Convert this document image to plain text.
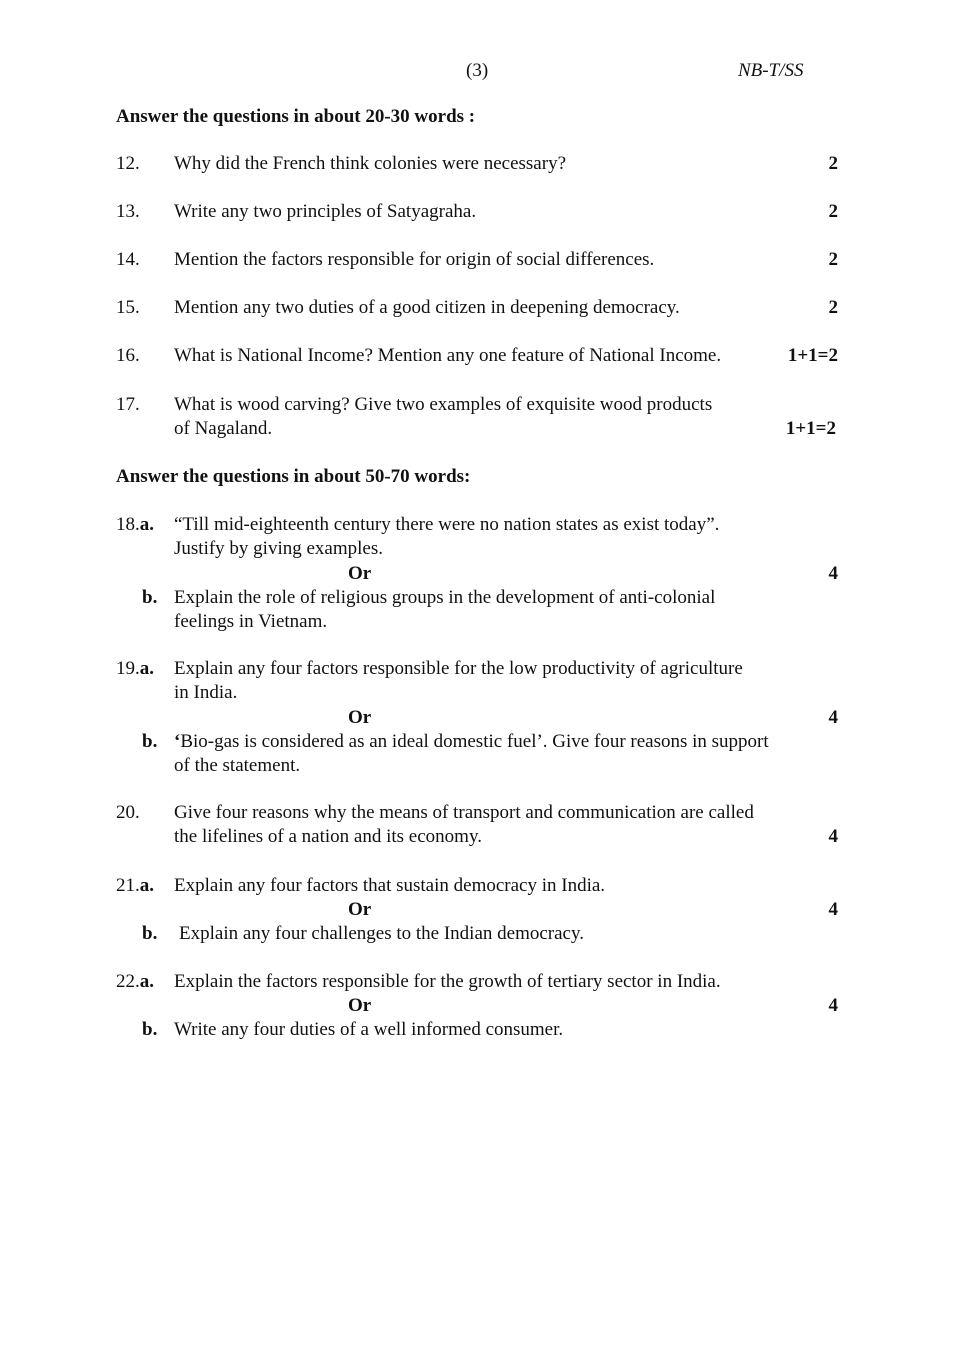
(3)	NB-T/SS
Answer the questions in about 20-30 words :
12. Why did the French think colonies were necessary?	2
13. Write any two principles of Satyagraha.	2
14. Mention the factors responsible for origin of social differences.	2
15. Mention any two duties of a good citizen in deepening democracy.	2
16. What is National Income? Mention any one feature of National Income.	1+1=2
17. What is wood carving? Give two examples of exquisite wood products
of Nagaland.	1+1=2
Answer the questions in about 50-70 words:
18.a. “Till mid-eighteenth century there were no nation states as exist today”.
Justify by giving examples.
Or	4
b. Explain the role of religious groups in the development of anti-colonial
feelings in Vietnam.
19.a. Explain any four factors responsible for the low productivity of agriculture
in India.
Or	4
b. ‘Bio-gas is considered as an ideal domestic fuel’. Give four reasons in support
of the statement.
20. Give four reasons why the means of transport and communication are called
the lifelines of a nation and its economy.	4
21.a. Explain any four factors that sustain democracy in India.
Or	4
b. Explain any four challenges to the Indian democracy.
22.a. Explain the factors responsible for the growth of tertiary sector in India.
Or	4
b. Write any four duties of a well informed consumer.
